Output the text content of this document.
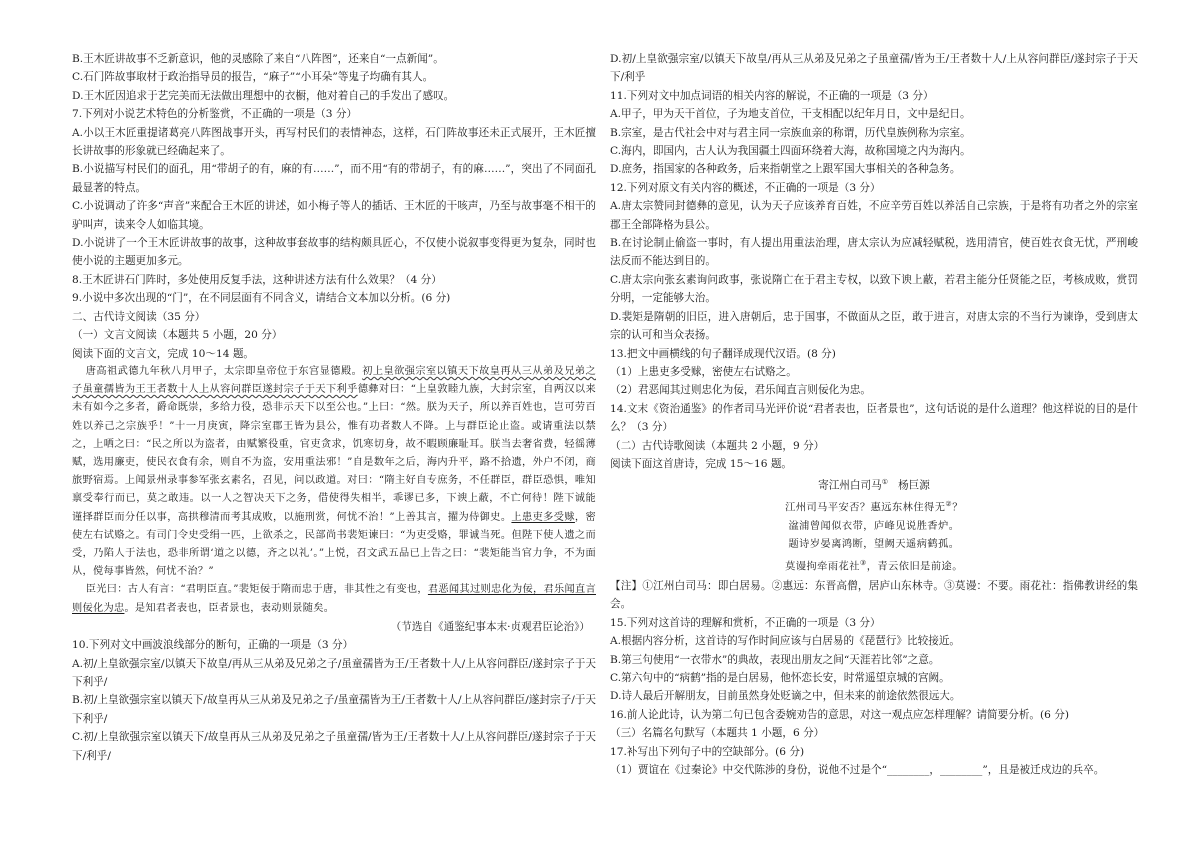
B.王木匠讲故事不乏新意识，他的灵感除了来自“八阵图”，还来自“一点新闻”。

C.石门阵故事取材于政治指导员的报告，“麻子”“小耳朵”等鬼子均确有其人。

D.王木匠因追求于艺完美而无法做出理想中的衣橱，他对着自己的手发出了感叹。

7.下列对小说艺术特色的分析鉴赏，不正确的一项是（3 分）

A.小以王木匠重提诸葛亮八阵图战事开头，再写村民们的表情神态，这样，石门阵故事还未正式展开，王木匠擅长讲故事的形象就已经确起来了。

B.小说描写村民们的面孔，用“带胡子的有，麻的有……”，而不用“有的带胡子，有的麻……”，突出了不同面孔最显著的特点。

C.小说调动了许多“声音”来配合王木匠的讲述，如小梅子等人的插话、王木匠的干咳声，乃至与故事毫不相干的驴叫声，读来令人如临其境。

D.小说讲了一个王木匠讲故事的故事，这种故事套故事的结构颇具匠心，不仅使小说叙事变得更为复杂，同时也使小说的主题更加多元。

8.王木匠讲石门阵时，多处使用反复手法，这种讲述方法有什么效果？（4 分）

9.小说中多次出现的“门”，在不同层面有不同含义，请结合文本加以分析。(6 分)

二、古代诗文阅读（35 分）

（一）文言文阅读（本题共 5 小题，20 分）

阅读下面的文言文，完成 10～14 题。

唐高祖武德九年秋八月甲子，太宗即皇帝位于东宫显德殿。初上皇欲强宗室以镇天下故皇再从三从弟及兄弟之子虽童孺皆为王王者数十人上从容问群臣遂封宗子于天下利乎德彝对曰：“上皇敦睦九族，大封宗室，自两汉以来未有如今之多者，爵命既崇，多给力役，恐非示天下以至公也。”上曰：“然。朕为天子，所以养百姓也，岂可劳百姓以养己之宗族乎！”十一月庚寅，降宗室郡王皆为县公，惟有功者数人不降。上与群臣论止盗。或请重法以禁之，上哂之曰：“民之所以为盗者，由赋繁役重，官吏贪求，饥寒切身，故不暇顾廉耻耳。朕当去奢省费，轻徭薄赋，选用廉吏，使民衣食有余，则自不为盗，安用重法邪！”自是数年之后，海内升平，路不拾遗，外户不闭，商旅野宿焉。上闻景州录事参军张玄素名，召见，问以政道。对曰：“隋主好自专庶务，不任群臣，群臣恐惧，唯知禀受奉行而已，莫之敢违。以一人之智决天下之务，借使得失相半，乖谬已多，下谀上蔽，不亡何待！陛下诚能谨择群臣而分任以事，高拱穆清而考其成败，以施刑赏，何忧不治！”上善其言，擢为侍御史。上患吏多受赇，密使左右试赂之。有司门令史受绢一匹，上欲杀之，民部尚书裴矩谏曰：“为吏受赂，罪诚当死。但陛下使人遗之而受，乃陷人于法也，恐非所谓‘道之以德，齐之以礼’。”上悦，召文武五品已上告之曰：“裴矩能当官力争，不为面从，傥每事皆然，何忧不治？”

臣光曰：古人有言：“君明臣直。”裴矩佞于隋而忠于唐，非其性之有变也，君恶闻其过则忠化为佞，君乐闻直言则佞化为忠。是知君者表也，臣者景也，表动则景随矣。

（节选自《通鉴纪事本末·贞观君臣论治》）

10.下列对文中画波浪线部分的断句，正确的一项是（3 分）

A.初/上皇欲强宗室/以镇天下故皇/再从三从弟及兄弟之子/虽童孺皆为王/王者数十人/上从容问群臣/遂封宗子于天下利乎/

B.初/上皇欲强宗室以镇天下/故皇再从三从弟及兄弟之子/虽童孺皆为王/王者数十人/上从容问群臣/遂封宗子/于天下利乎/

C.初/上皇欲强宗室以镇天下/故皇再从三从弟及兄弟之子虽童孺/皆为王/王者数十人/上从容问群臣/遂封宗子于天下/利乎/

D.初/上皇欲强宗室/以镇天下故皇/再从三从弟及兄弟之子虽童孺/皆为王/王者数十人/上从容问群臣/遂封宗子于天下/利乎

11.下列对文中加点词语的相关内容的解说，不正确的一项是（3 分）

A.甲子，甲为天干首位，子为地支首位，干支相配以纪年月日，文中是纪日。

B.宗室，是古代社会中对与君主同一宗族血亲的称谓，历代皇族例称为宗室。

C.海内，即国内，古人认为我国疆土四面环绕着大海，故称国境之内为海内。

D.庶务，指国家的各种政务，后来指朝堂之上跟军国大事相关的各种急务。

12.下列对原文有关内容的概述，不正确的一项是（3 分）

A.唐太宗赞同封德彝的意见，认为天子应该养育百姓，不应辛劳百姓以养活自己宗族，于是将有功者之外的宗室郡王全部降格为县公。

B.在讨论制止偷盗一事时，有人提出用重法治理，唐太宗认为应减轻赋税，选用清官，使百姓衣食无忧，严刑峻法反而不能达到目的。

C.唐太宗向张玄素询问政事，张说隋亡在于君主专权，以致下谀上蔽，若君主能分任贤能之臣，考核成败，赏罚分明，一定能够大治。

D.裴矩是隋朝的旧臣，进入唐朝后，忠于国事，不做面从之臣，敢于进言，对唐太宗的不当行为谏诤，受到唐太宗的认可和当众表扬。

13.把文中画横线的句子翻译成现代汉语。(8 分)

（1）上患吏多受赇，密使左右试赂之。

（2）君恶闻其过则忠化为佞，君乐闻直言则佞化为忠。

14.文末《资治通鉴》的作者司马光评价说“君者表也，臣者景也”，这句话说的是什么道理？他这样说的目的是什么？（3 分）

（二）古代诗歌阅读（本题共 2 小题，9 分）

阅读下面这首唐诗，完成 15～16 题。

寄江州白司马① 杨巨源

江州司马平安否？惠远东林住得无②？

湓浦曾闻似衣带，庐峰见说胜香炉。

题诗岁晏离鸿断，望阙天遥病鹤孤。

莫谩拘牵雨花社③，青云依旧是前途。

【注】①江州白司马：即白居易。②惠远：东晋高僧，居庐山东林寺。③莫谩：不要。雨花社：指佛教讲经的集会。

15.下列对这首诗的理解和赏析，不正确的一项是（3 分）

A.根据内容分析，这首诗的写作时间应该与白居易的《琵琶行》比较接近。

B.第三句使用“一衣带水”的典故，表现出朋友之间“天涯若比邻”之意。

C.第六句中的“病鹤”指的是白居易，他怀恋长安，时常遥望京城的宫阙。

D.诗人最后开解朋友，目前虽然身处贬谪之中，但未来的前途依然很远大。

16.前人论此诗，认为第二句已包含委婉劝告的意思，对这一观点应怎样理解？请简要分析。(6 分)

（三）名篇名句默写（本题共 1 小题，6 分）

17.补写出下列句子中的空缺部分。(6 分)

（1）贾谊在《过秦论》中交代陈涉的身份，说他不过是个“________，________”，且是被迁戍边的兵卒。
